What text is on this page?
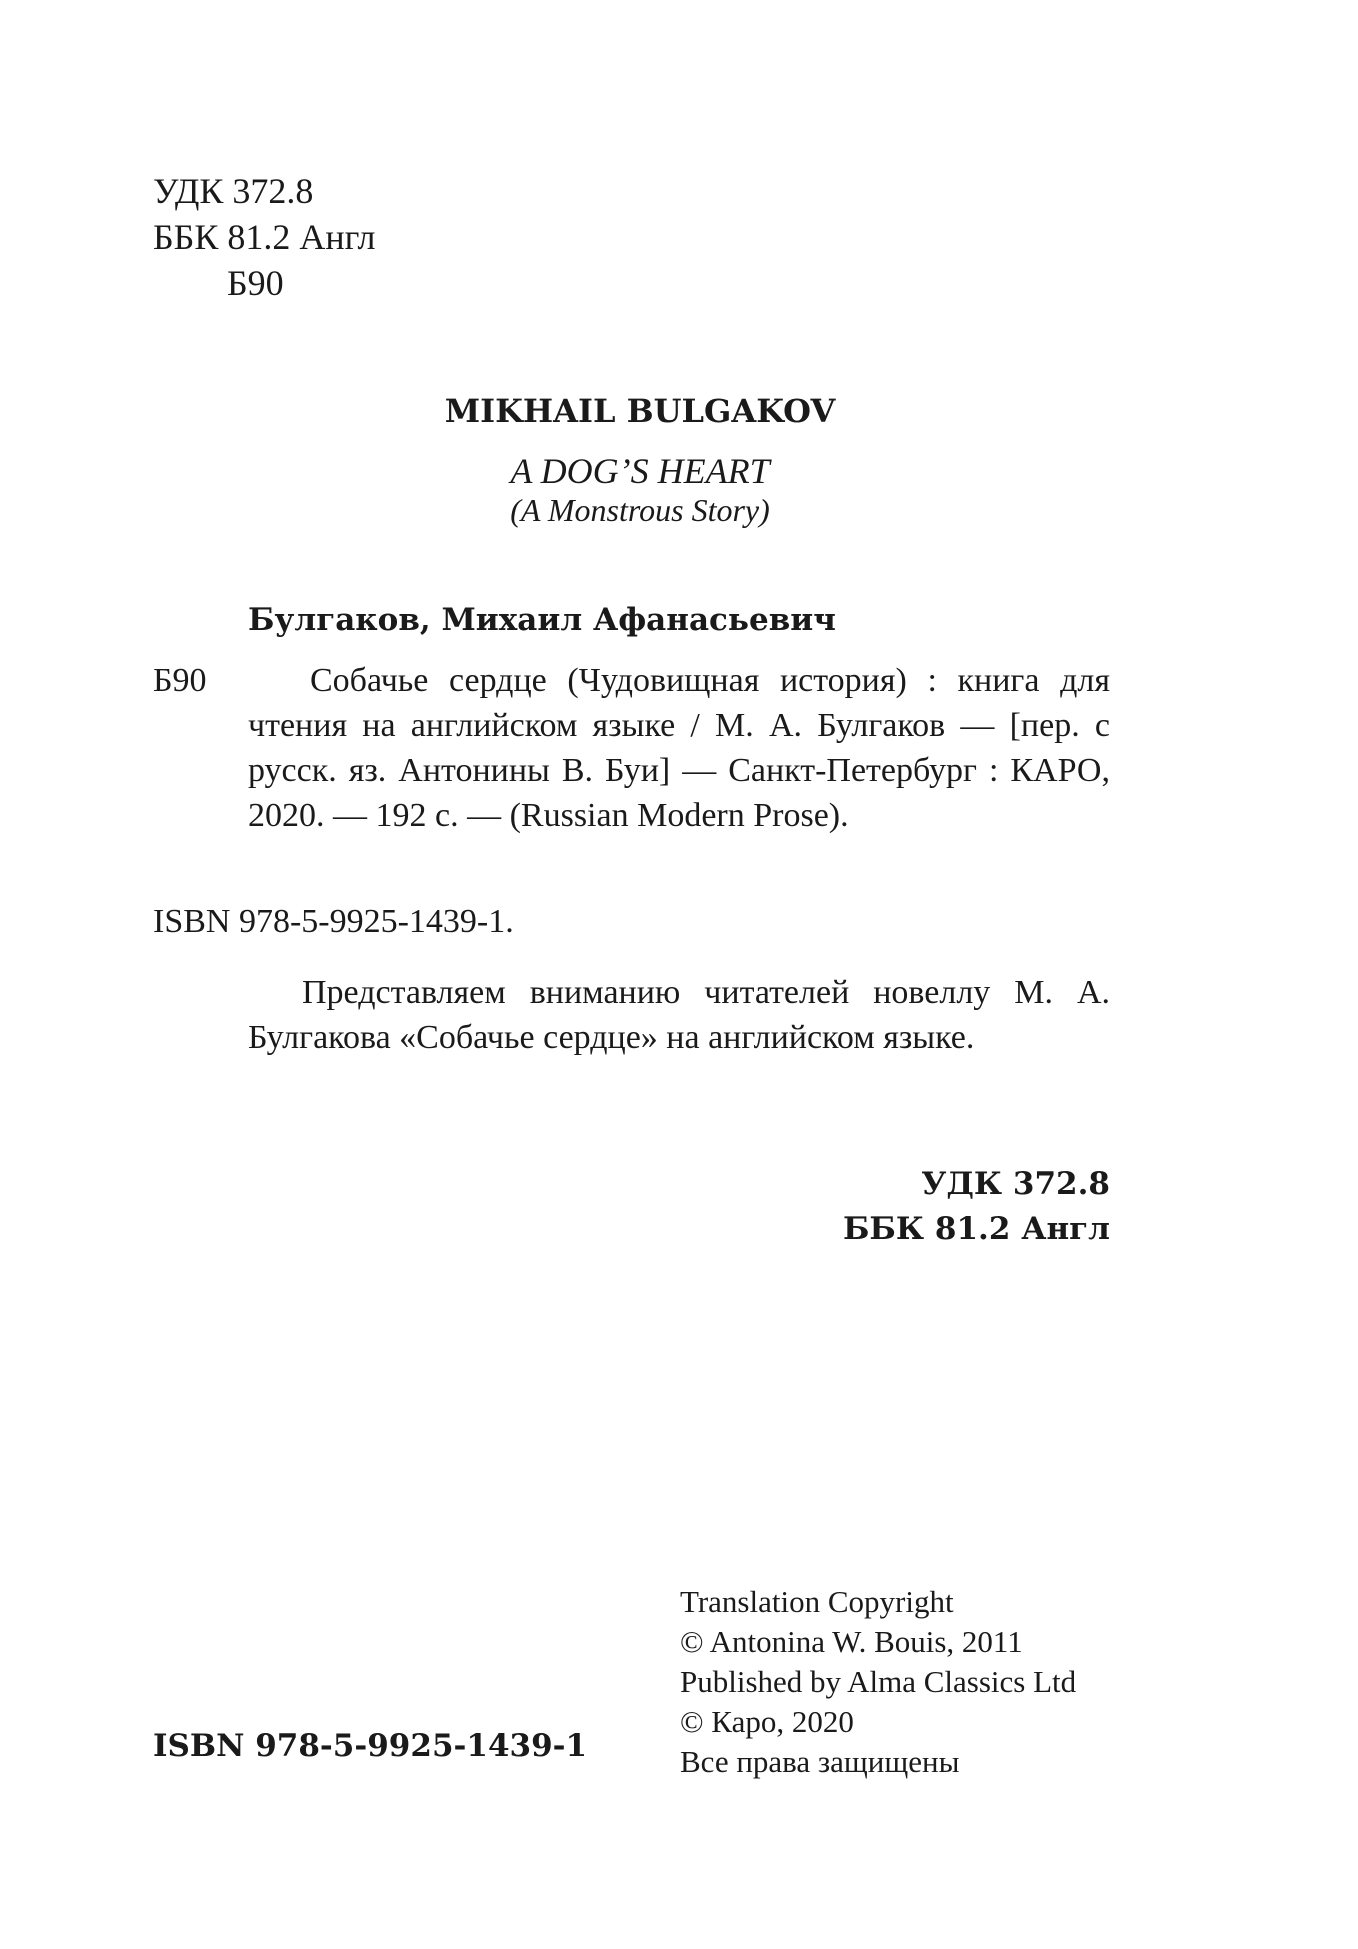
УДК 372.8
ББК 81.2 Англ
Б90
MIKHAIL BULGAKOV
A DOG’S HEART
(A Monstrous Story)
Булгаков, Михаил Афанасьевич
Б90	Собачье сердце (Чудовищная история) : книга для чтения на английском языке / М. А. Булгаков — [пер. с русск. яз. Антонины В. Буи] — Санкт-Петербург : КАРО, 2020. — 192 с. — (Russian Modern Prose).
ISBN 978-5-9925-1439-1.
Представляем вниманию читателей новеллу М. А. Булгакова «Собачье сердце» на английском языке.
УДК 372.8
ББК 81.2 Англ
Translation Copyright
© Antonina W. Bouis, 2011
Published by Alma Classics Ltd
© Каро, 2020
Все права защищены
ISBN 978-5-9925-1439-1
